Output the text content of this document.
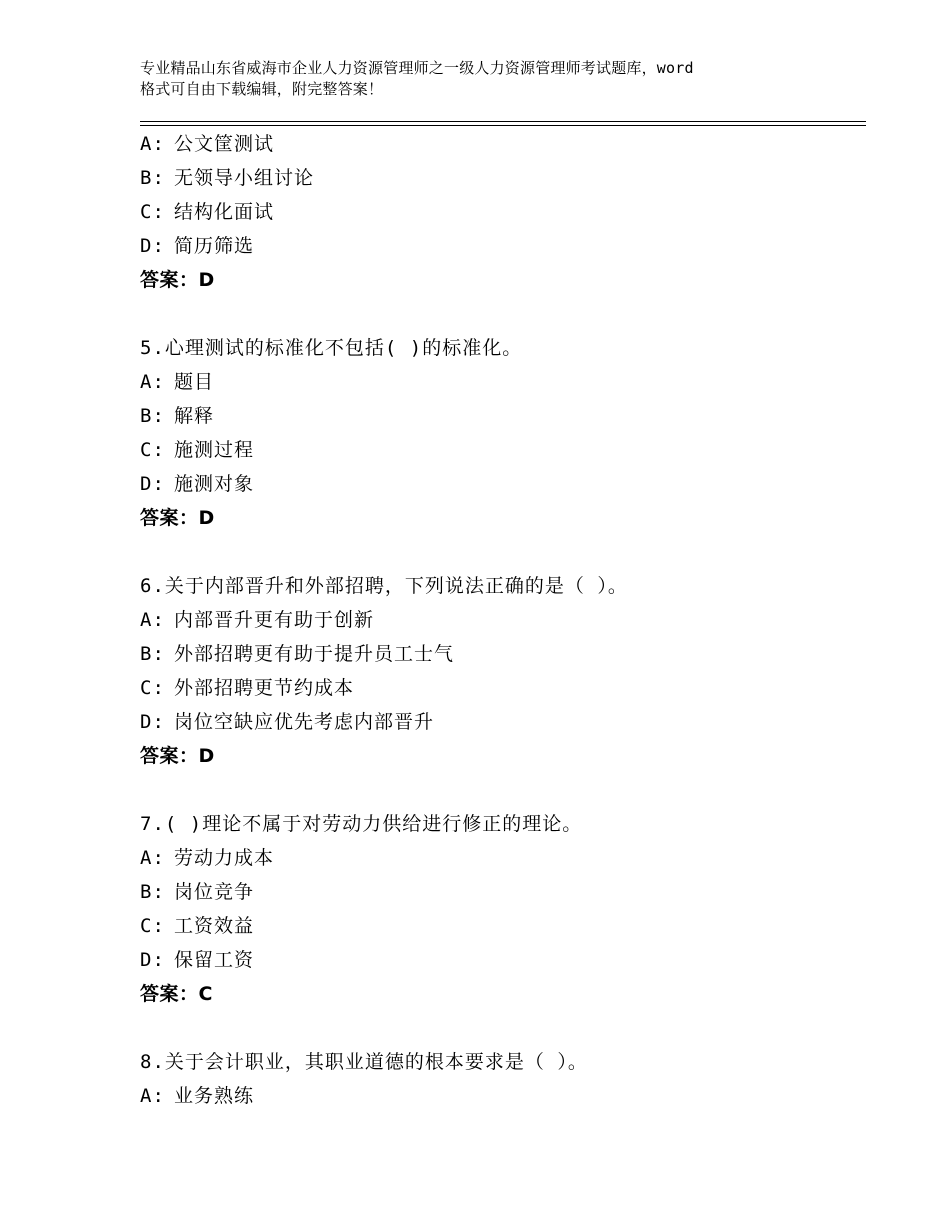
专业精品山东省威海市企业人力资源管理师之一级人力资源管理师考试题库，word
格式可自由下载编辑，附完整答案！
A: 公文筐测试
B: 无领导小组讨论
C: 结构化面试
D: 简历筛选
答案：D
5.心理测试的标准化不包括( )的标准化。
A: 题目
B: 解释
C: 施测过程
D: 施测对象
答案：D
6.关于内部晋升和外部招聘，下列说法正确的是（ ）。
A: 内部晋升更有助于创新
B: 外部招聘更有助于提升员工士气
C: 外部招聘更节约成本
D: 岗位空缺应优先考虑内部晋升
答案：D
7.( )理论不属于对劳动力供给进行修正的理论。
A: 劳动力成本
B: 岗位竞争
C: 工资效益
D: 保留工资
答案：C
8.关于会计职业，其职业道德的根本要求是（ ）。
A: 业务熟练
